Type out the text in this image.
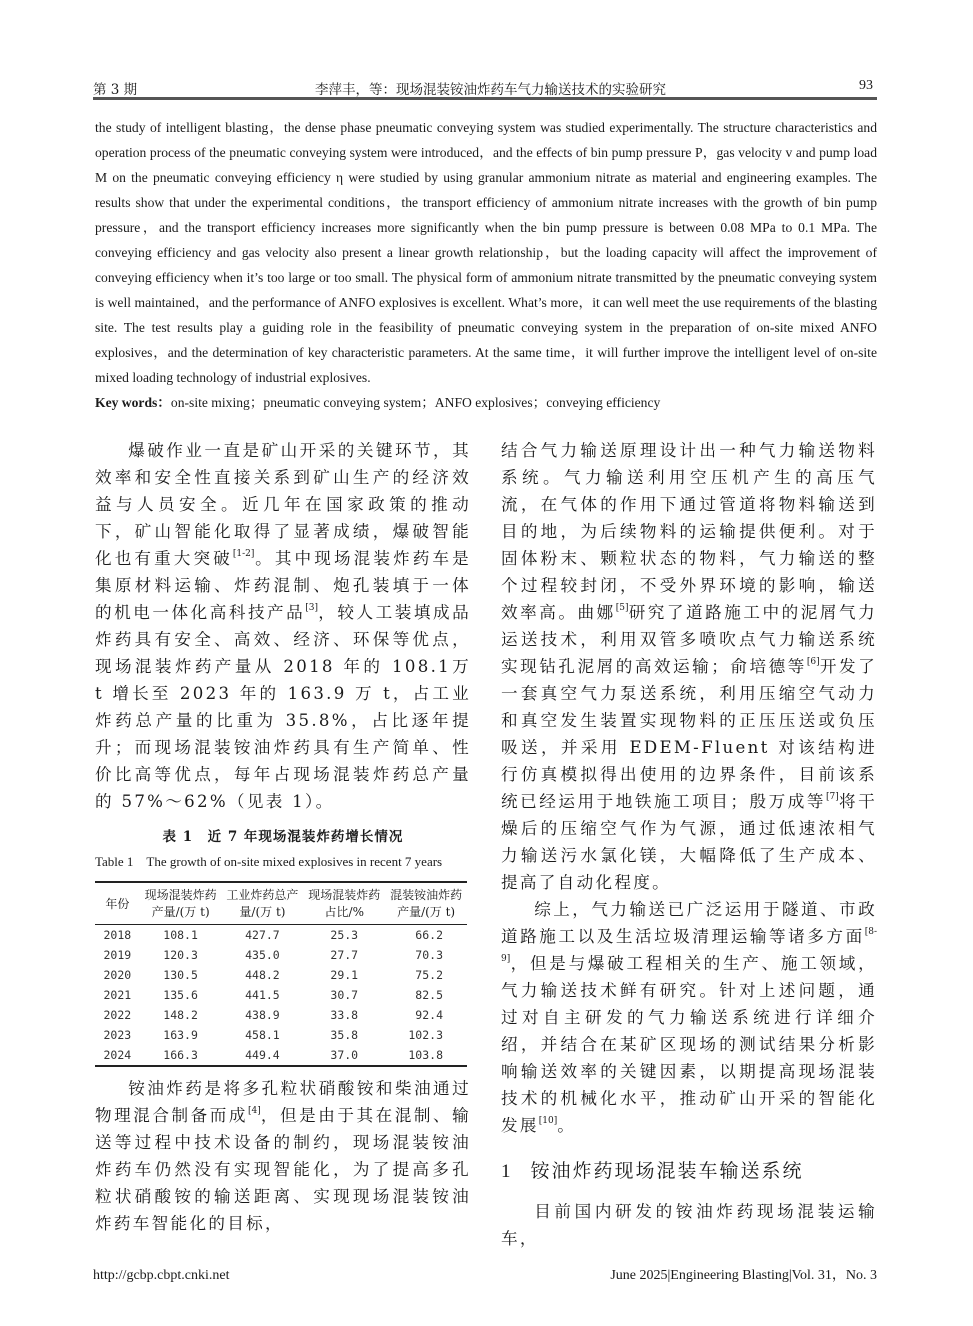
第 3 期	李萍丰，等：现场混装铵油炸药车气力输送技术的实验研究	93
the study of intelligent blasting，the dense phase pneumatic conveying system was studied experimentally. The structure characteristics and operation process of the pneumatic conveying system were introduced，and the effects of bin pump pressure P，gas velocity v and pump load M on the pneumatic conveying efficiency η were studied by using granular ammonium nitrate as material and engineering examples. The results show that under the experimental conditions，the transport efficiency of ammonium nitrate increases with the growth of bin pump pressure，and the transport efficiency increases more significantly when the bin pump pressure is between 0.08 MPa to 0.1 MPa. The conveying efficiency and gas velocity also present a linear growth relationship，but the loading capacity will affect the improvement of conveying efficiency when it’s too large or too small. The physical form of ammonium nitrate transmitted by the pneumatic conveying system is well maintained，and the performance of ANFO explosives is excellent. What’s more，it can well meet the use requirements of the blasting site. The test results play a guiding role in the feasibility of pneumatic conveying system in the preparation of on-site mixed ANFO explosives，and the determination of key characteristic parameters. At the same time，it will further improve the intelligent level of on-site mixed loading technology of industrial explosives.
Key words：on-site mixing；pneumatic conveying system；ANFO explosives；conveying efficiency

爆破作业一直是矿山开采的关键环节，其效率和安全性直接关系到矿山生产的经济效益与人员安全。近几年在国家政策的推动下，矿山智能化取得了显著成绩，爆破智能化也有重大突破[1-2]。其中现场混装炸药车是集原材料运输、炸药混制、炮孔装填于一体的机电一体化高科技产品[3]，较人工装填成品炸药具有安全、高效、经济、环保等优点，现场混装炸药产量从 2018 年的 108.1万 t 增长至 2023 年的 163.9 万 t，占工业炸药总产量的比重为 35.8%，占比逐年提升；而现场混装铵油炸药具有生产简单、性价比高等优点，每年占现场混装炸药总产量的 57%～62%（见表 1）。

表 1　近 7 年现场混装炸药增长情况
Table 1　The growth of on-site mixed explosives in recent 7 years
年份	现场混装炸药产量/(万 t)	工业炸药总产量/(万 t)	现场混装炸药占比/%	混装铵油炸药产量/(万 t)
2018	108.1	427.7	25.3	66.2
2019	120.3	435.0	27.7	70.3
2020	130.5	448.2	29.1	75.2
2021	135.6	441.5	30.7	82.5
2022	148.2	438.9	33.8	92.4
2023	163.9	458.1	35.8	102.3
2024	166.3	449.4	37.0	103.8

铵油炸药是将多孔粒状硝酸铵和柴油通过物理混合制备而成[4]，但是由于其在混制、输送等过程中技术设备的制约，现场混装铵油炸药车仍然没有实现智能化，为了提高多孔粒状硝酸铵的输送距离、实现现场混装铵油炸药车智能化的目标，

结合气力输送原理设计出一种气力输送物料系统。气力输送利用空压机产生的高压气流，在气体的作用下通过管道将物料输送到目的地，为后续物料的运输提供便利。对于固体粉末、颗粒状态的物料，气力输送的整个过程较封闭，不受外界环境的影响，输送效率高。曲娜[5]研究了道路施工中的泥屑气力运送技术，利用双管多喷吹点气力输送系统实现钻孔泥屑的高效运输；俞培德等[6]开发了一套真空气力泵送系统，利用压缩空气动力和真空发生装置实现物料的正压压送或负压吸送，并采用 EDEM-Fluent 对该结构进行仿真模拟得出使用的边界条件，目前该系统已经运用于地铁施工项目；殷万成等[7]将干燥后的压缩空气作为气源，通过低速浓相气力输送污水氯化镁，大幅降低了生产成本、提高了自动化程度。

综上，气力输送已广泛运用于隧道、市政道路施工以及生活垃圾清理运输等诸多方面[8-9]，但是与爆破工程相关的生产、施工领域，气力输送技术鲜有研究。针对上述问题，通过对自主研发的气力输送系统进行详细介绍，并结合在某矿区现场的测试结果分析影响输送效率的关键因素，以期提高现场混装技术的机械化水平，推动矿山开采的智能化发展[10]。

1 铵油炸药现场混装车输送系统

目前国内研发的铵油炸药现场混装运输车，

http://gcbp.cbpt.cnki.net	June 2025|Engineering Blasting|Vol. 31，No. 3
